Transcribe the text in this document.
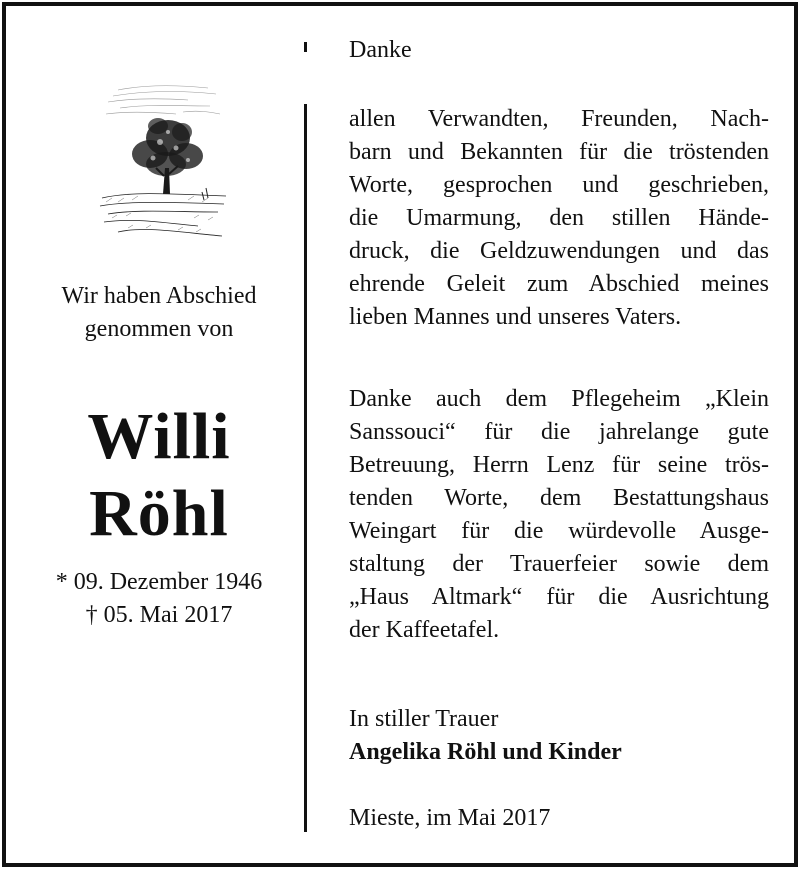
Wir haben Abschied
genommen von
Willi
Röhl
* 09. Dezember 1946
† 05. Mai 2017
Danke
allen Verwandten, Freunden, Nach-
barn und Bekannten für die tröstenden
Worte, gesprochen und geschrieben,
die Umarmung, den stillen Hände-
druck, die Geldzuwendungen und das
ehrende Geleit zum Abschied meines
lieben Mannes und unseres Vaters.
Danke auch dem Pflegeheim „Klein
Sanssouci“ für die jahrelange gute
Betreuung, Herrn Lenz für seine trös-
tenden Worte, dem Bestattungshaus
Weingart für die würdevolle Ausge-
staltung der Trauerfeier sowie dem
„Haus Altmark“ für die Ausrichtung
der Kaffeetafel.
In stiller Trauer
Angelika Röhl und Kinder
Mieste, im Mai 2017
